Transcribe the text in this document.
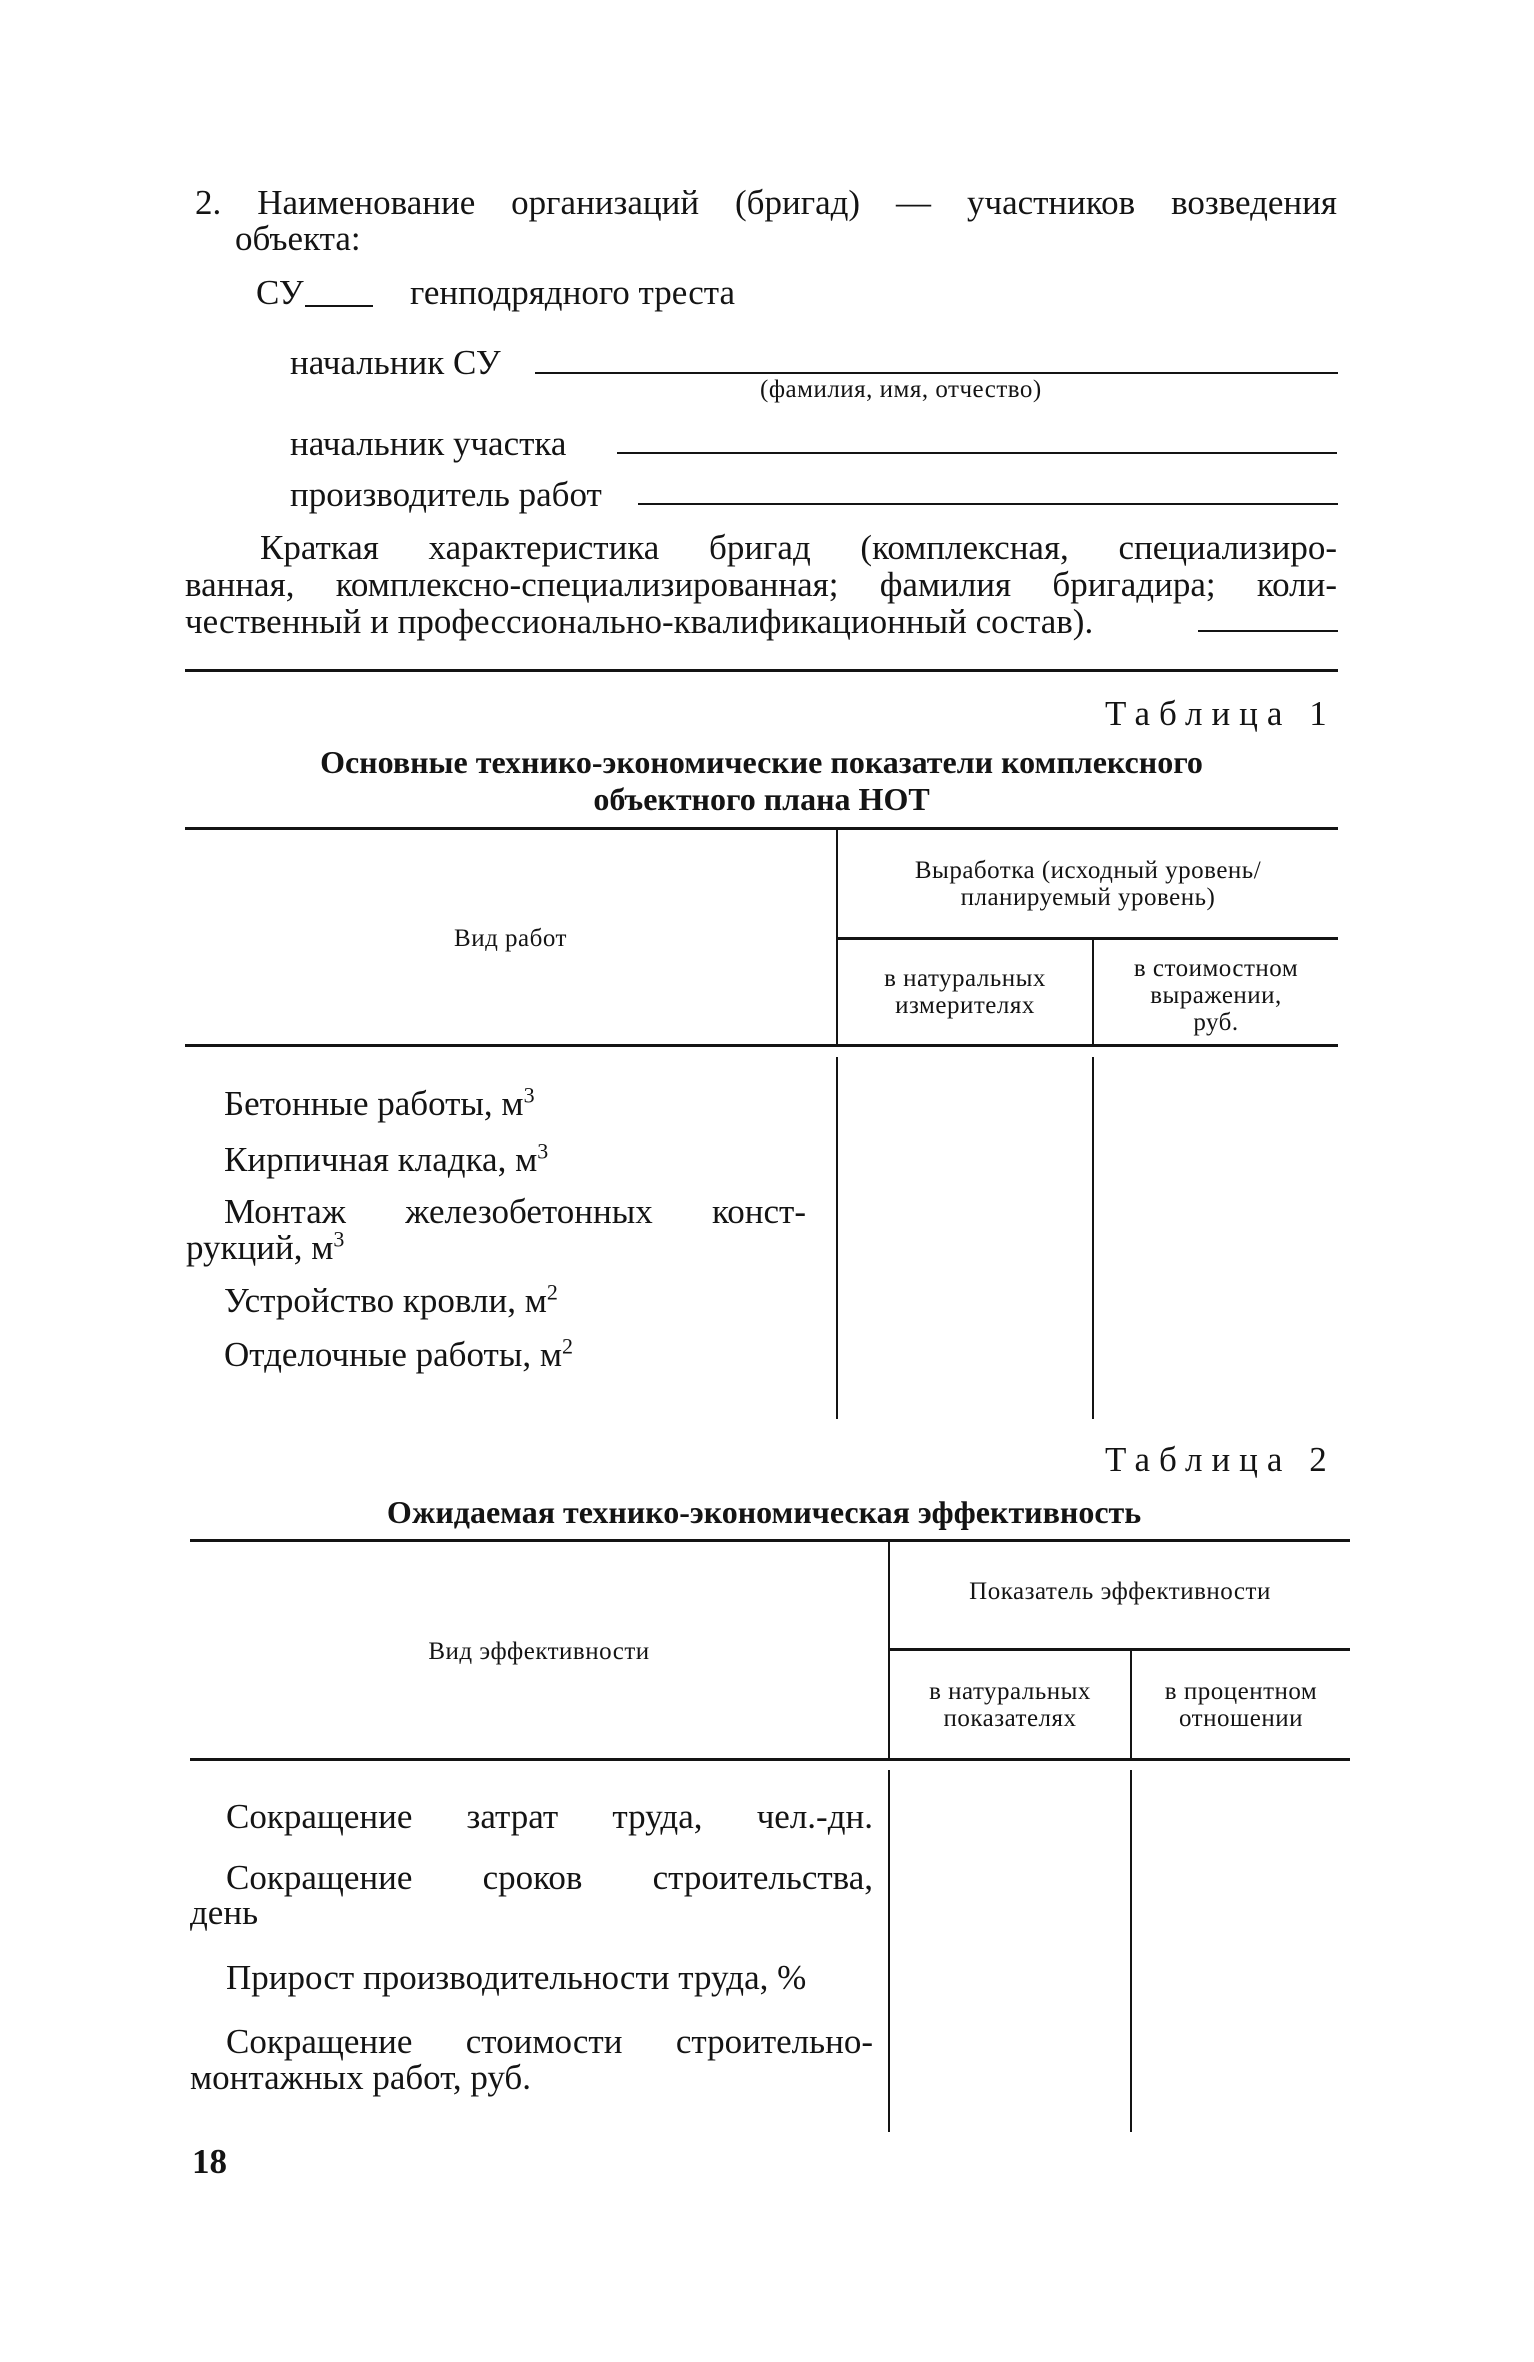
2. Наименование организаций (бригад) — участников возведения
объекта:
СУ	генподрядного треста
начальник СУ
(фамилия, имя, отчество)
начальник участка
производитель работ
Краткая характеристика бригад (комплексная, специализиро-
ванная, комплексно-специализированная; фамилия бригадира; коли-
чественный и профессионально-квалификационный состав).
Таблица 1
Основные технико-экономические показатели комплексного
объектного плана НОТ
Вид работ
Выработка (исходный уровень/
планируемый уровень)
в натуральных
измерителях
в стоимостном
выражении,
руб.
Бетонные работы, $м^3$
Кирпичная кладка, $м^3$
Монтаж железобетонных конст-
рукций, $м^3$
Устройство кровли, $м^2$
Отделочные работы, $м^2$
Таблица 2
Ожидаемая технико-экономическая эффективность
Вид эффективности
Показатель эффективности
в натуральных
показателях
в процентном
отношении
Сокращение затрат труда, чел.-дн.
Сокращение сроков строительства,
день
Прирост производительности труда, %
Сокращение стоимости строительно-
монтажных работ, руб.
18
